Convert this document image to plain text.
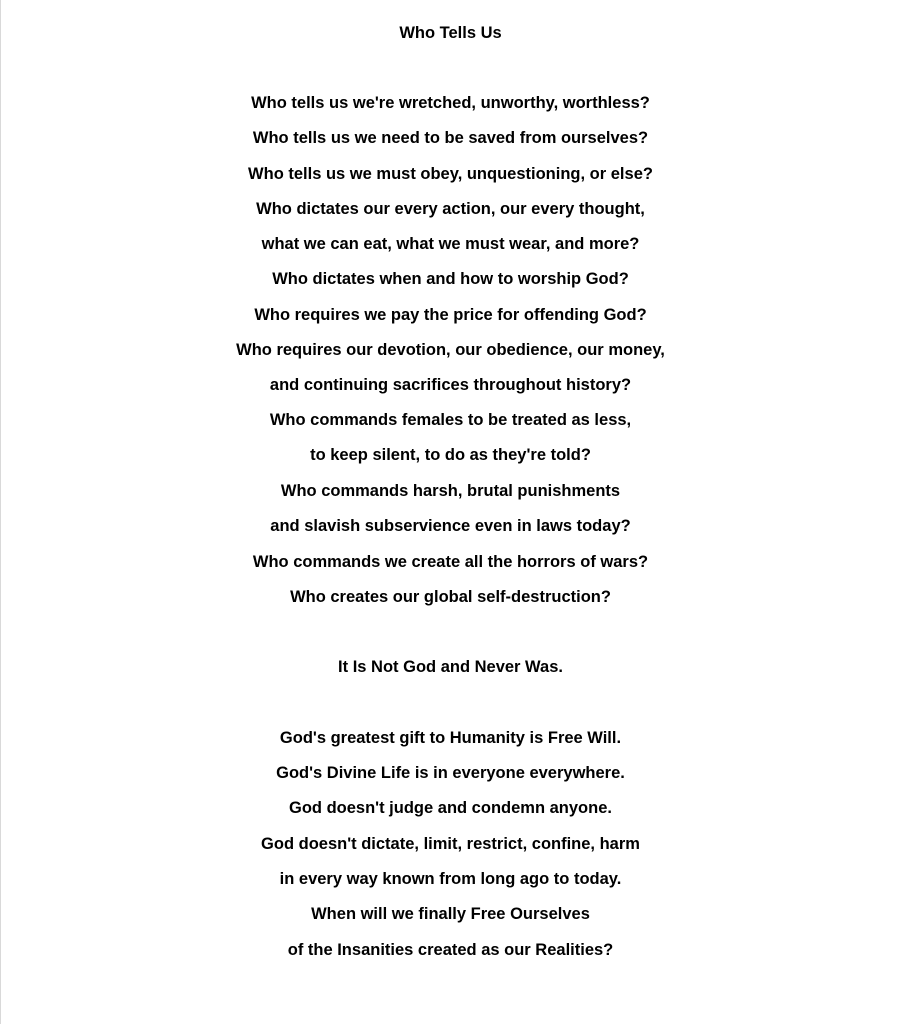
Who Tells Us
Who tells us we're wretched, unworthy, worthless?
Who tells us we need to be saved from ourselves?
Who tells us we must obey, unquestioning, or else?
Who dictates our every action, our every thought,
what we can eat, what we must wear, and more?
Who dictates when and how to worship God?
Who requires we pay the price for offending God?
Who requires our devotion, our obedience, our money,
and continuing sacrifices throughout history?
Who commands females to be treated as less,
to keep silent, to do as they're told?
Who commands harsh, brutal punishments
and slavish subservience even in laws today?
Who commands we create all the horrors of wars?
Who creates our global self-destruction?
It Is Not God and Never Was.
God's greatest gift to Humanity is Free Will.
God's Divine Life is in everyone everywhere.
God doesn't judge and condemn anyone.
God doesn't dictate, limit, restrict, confine, harm
in every way known from long ago to today.
When will we finally Free Ourselves
of the Insanities created as our Realities?
